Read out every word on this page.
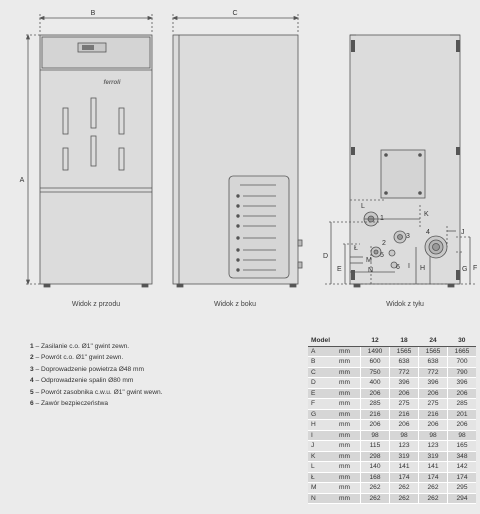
B
A
ferroli
C
L
K
J
D
E
Ł
M
N
I H	G F
1
2
3
4
5
6
Widok z przodu	Widok z boku	Widok z tyłu
1 – Zasilanie c.o. Ø1" gwint zewn.
2 – Powrót c.o. Ø1" gwint zewn.
3 – Doprowadzenie powietrza Ø48 mm
4 – Odprowadzenie spalin Ø80 mm
5 – Powrót zasobnika c.w.u. Ø1" gwint wewn.
6 – Zawór bezpieczeństwa
Model		12	18	24	30
A	mm	1490	1565	1565	1665
B	mm	600	638	638	700
C	mm	750	772	772	790
D	mm	400	396	396	396
E	mm	206	206	206	206
F	mm	285	275	275	285
G	mm	216	216	216	201
H	mm	206	206	206	206
I	mm	98	98	98	98
J	mm	115	123	123	165
K	mm	298	319	319	348
L	mm	140	141	141	142
Ł	mm	168	174	174	174
M	mm	262	262	262	295
N	mm	262	262	262	294
